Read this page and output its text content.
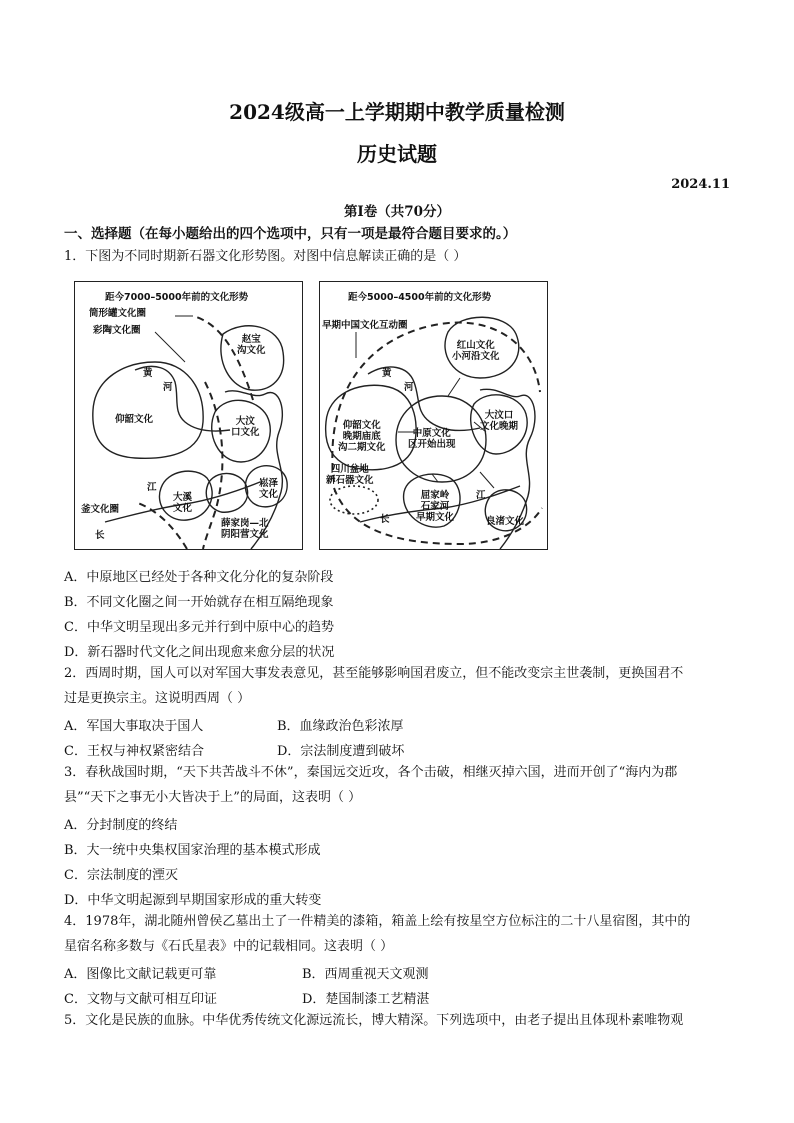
2024级高一上学期期中教学质量检测
历史试题
2024.11
第Ⅰ卷（共70分）
一、选择题（在每小题给出的四个选项中，只有一项是最符合题目要求的。）
1．下图为不同时期新石器文化形势图。对图中信息解读正确的是（ ）
距今7000–5000年前的文化形势
筒形罐文化圈
彩陶文化圈
赵宝
沟文化
黄
河
仰韶文化	大汶
口文化
江
大溪
文化
崧泽
文化
薛家岗—北
阴阳营文化
釜文化圈
长
距今5000–4500年前的文化形势
早期中国文化互动圈
红山文化
小河沿文化
黄
河
仰韶文化
晚期庙底
沟二期文化
中原文化
区开始出现
大汶口
文化晚期
四川盆地
新石器文化
屈家岭
石家河
早期文化
江
长	良渚文化
A．中原地区已经处于各种文化分化的复杂阶段
B．不同文化圈之间一开始就存在相互隔绝现象
C．中华文明呈现出多元并行到中原中心的趋势
D．新石器时代文化之间出现愈来愈分层的状况
2．西周时期，国人可以对军国大事发表意见，甚至能够影响国君废立，但不能改变宗主世袭制，更换国君不
过是更换宗主。这说明西周（ ）
A．军国大事取决于国人	B．血缘政治色彩浓厚
C．王权与神权紧密结合	D．宗法制度遭到破坏
3．春秋战国时期，“天下共苦战斗不休”，秦国远交近攻，各个击破，相继灭掉六国，进而开创了“海内为郡
县”“天下之事无小大皆决于上”的局面，这表明（ ）
A．分封制度的终结
B．大一统中央集权国家治理的基本模式形成
C．宗法制度的湮灭
D．中华文明起源到早期国家形成的重大转变
4．1978年，湖北随州曾侯乙墓出土了一件精美的漆箱，箱盖上绘有按星空方位标注的二十八星宿图，其中的
星宿名称多数与《石氏星表》中的记载相同。这表明（ ）
A．图像比文献记载更可靠	B．西周重视天文观测
C．文物与文献可相互印证	D．楚国制漆工艺精湛
5．文化是民族的血脉。中华优秀传统文化源远流长，博大精深。下列选项中，由老子提出且体现朴素唯物观
